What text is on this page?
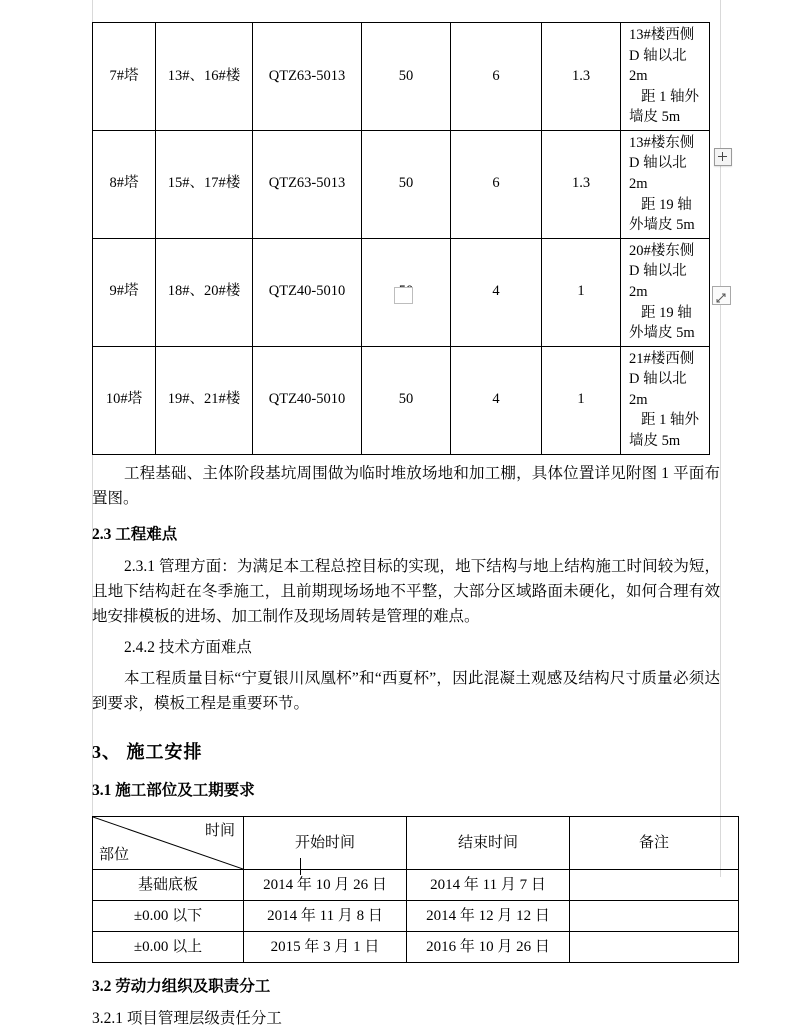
7#塔	13#、16#楼	QTZ63-5013	50	6	1.3	13#楼西侧
D 轴以北 2m
距 1 轴外墙皮 5m

8#塔	15#、17#楼	QTZ63-5013	50	6	1.3	13#楼东侧
D 轴以北 2m
距 19 轴外墙皮 5m

9#塔	18#、20#楼	QTZ40-5010		4	1	20#楼东侧
D 轴以北 2m
距 19 轴外墙皮 5m

10#塔	19#、21#楼	QTZ40-5010	50	4	1	21#楼西侧
D 轴以北 2m
距 1 轴外墙皮 5m

工程基础、主体阶段基坑周围做为临时堆放场地和加工棚，具体位置详见附图 1 平面布置图。

2.3 工程难点

2.3.1 管理方面：为满足本工程总控目标的实现，地下结构与地上结构施工时间较为短，且地下结构赶在冬季施工，且前期现场场地不平整，大部分区域路面未硬化，如何合理有效地安排模板的进场、加工制作及现场周转是管理的难点。

2.4.2 技术方面难点

本工程质量目标“宁夏银川凤凰杯”和“西夏杯”，因此混凝土观感及结构尺寸质量必须达到要求，模板工程是重要环节。

3、 施工安排

3.1 施工部位及工期要求

时间
部位	开始时间	结束时间	备注
基础底板	2014 年 10 月 26 日	2014 年 11 月 7 日	
±0.00 以下	2014 年 11 月 8 日	2014 年 12 月 12 日	
±0.00 以上	2015 年 3 月 1 日	2016 年 10 月 26 日	

3.2 劳动力组织及职责分工

3.2.1 项目管理层级责任分工
